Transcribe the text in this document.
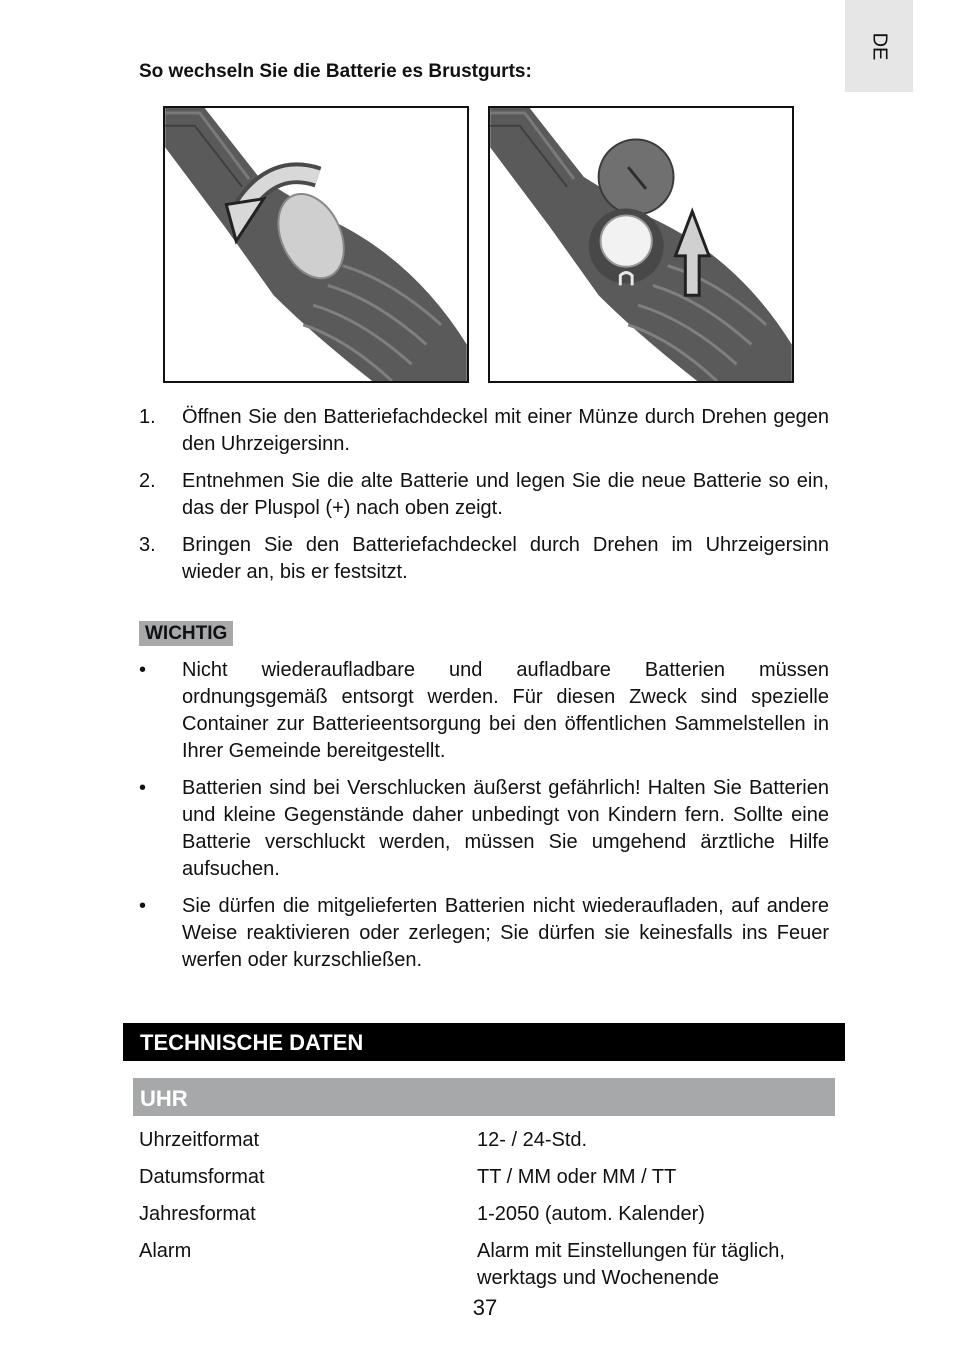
DE
So wechseln Sie die Batterie es Brustgurts:
1.	Öffnen Sie den Batteriefachdeckel mit einer Münze durch Drehen gegen den Uhrzeigersinn.
2.	Entnehmen Sie die alte Batterie und legen Sie die neue Batterie so ein, das der Pluspol (+) nach oben zeigt.
3.	Bringen Sie den Batteriefachdeckel durch Drehen im Uhrzeigersinn wieder an, bis er festsitzt.
WICHTIG
•	Nicht wiederaufladbare und aufladbare Batterien müssen ordnungsgemäß entsorgt werden. Für diesen Zweck sind spezielle Container zur Batterieentsorgung bei den öffentlichen Sammelstellen in Ihrer Gemeinde bereitgestellt.
•	Batterien sind bei Verschlucken äußerst gefährlich! Halten Sie Batterien und kleine Gegenstände daher unbedingt von Kindern fern. Sollte eine Batterie verschluckt werden, müssen Sie umgehend ärztliche Hilfe aufsuchen.
•	Sie dürfen die mitgelieferten Batterien nicht wiederaufladen, auf andere Weise reaktivieren oder zerlegen; Sie dürfen sie keinesfalls ins Feuer werfen oder kurzschließen.
TECHNISCHE DATEN
UHR
Uhrzeitformat	12- / 24-Std.
Datumsformat	TT / MM oder MM / TT
Jahresformat	1-2050 (autom. Kalender)
Alarm	Alarm mit Einstellungen für täglich, werktags und Wochenende
37
